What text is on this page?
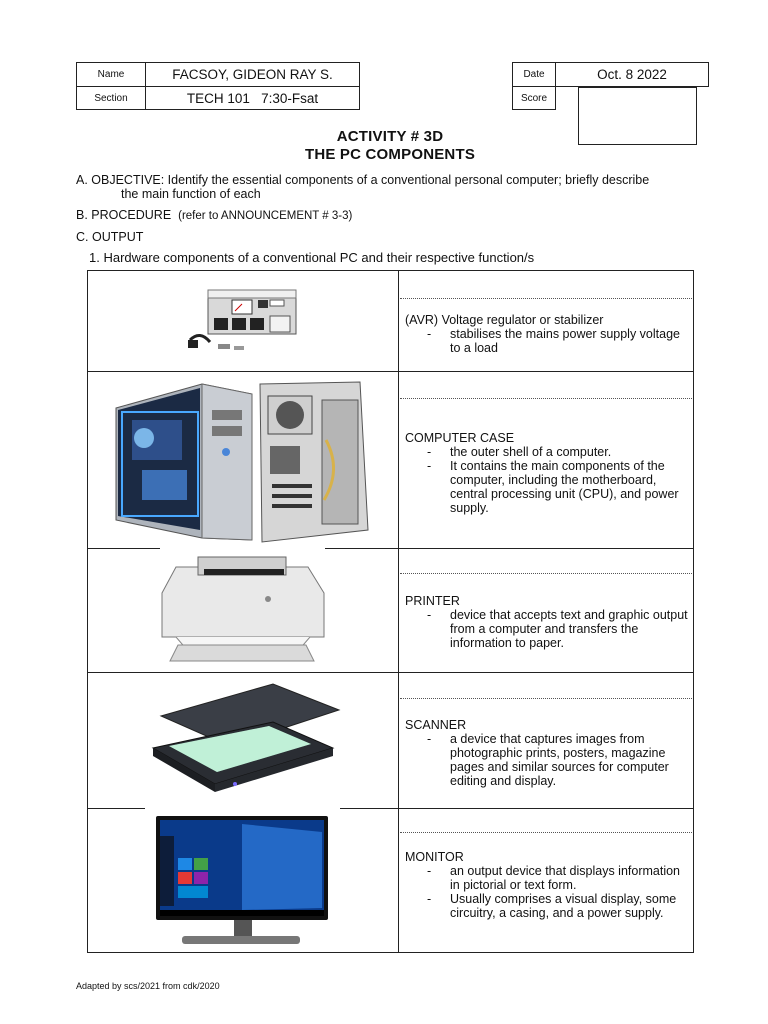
Name	FACSOY, GIDEON RAY S.
Section	TECH 101   7:30-Fsat
Date	Oct. 8 2022
Score
ACTIVITY # 3D
THE PC COMPONENTS
A. OBJECTIVE: Identify the essential components of a conventional personal computer; briefly describe
the main function of each
B. PROCEDURE (refer to ANNOUNCEMENT # 3-3)
C. OUTPUT
1. Hardware components of a conventional PC and their respective function/s
(AVR) Voltage regulator or stabilizer
-	stabilises the mains power supply voltage to a load
COMPUTER CASE
-	the outer shell of a computer.
-	It contains the main components of the computer, including the motherboard, central processing unit (CPU), and power supply.
PRINTER
-	device that accepts text and graphic output from a computer and transfers the information to paper.
SCANNER
-	a device that captures images from photographic prints, posters, magazine pages and similar sources for computer editing and display.
MONITOR
-	an output device that displays information in pictorial or text form.
-	Usually comprises a visual display, some circuitry, a casing, and a power supply.
Adapted by scs/2021 from cdk/2020
